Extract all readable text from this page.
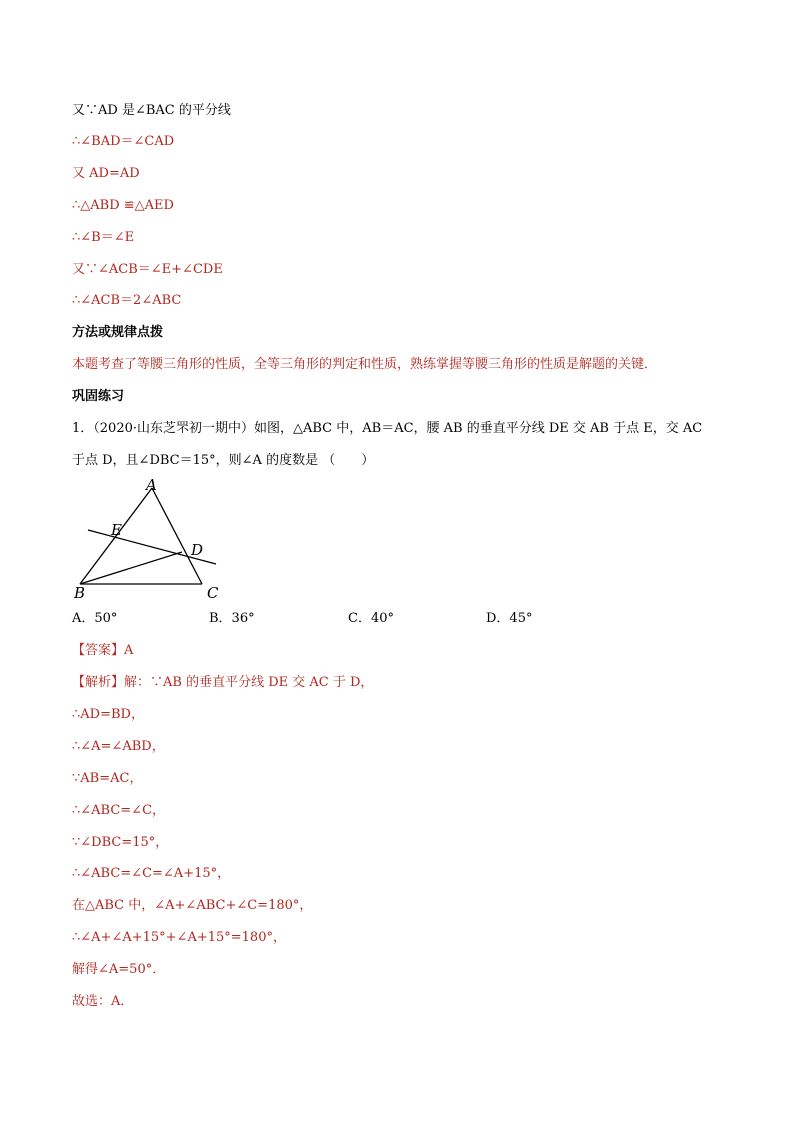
又∵AD 是∠BAC 的平分线
∴∠BAD＝∠CAD
又 AD=AD
∴△ABD ≌△AED
∴∠B＝∠E
又∵∠ACB＝∠E+∠CDE
∴∠ACB＝2∠ABC
方法或规律点拨
本题考查了等腰三角形的性质，全等三角形的判定和性质，熟练掌握等腰三角形的性质是解题的关键．
巩固练习
1．（2020·山东芝罘初一期中）如图，△ABC 中，AB＝AC，腰 AB 的垂直平分线 DE 交 AB 于点 E，交 AC
于点 D，且∠DBC＝15°，则∠A 的度数是 （　　）
A
B	C
D
E
A．50°	B．36°	C．40°	D．45°
【答案】A
【解析】解：∵AB 的垂直平分线 DE 交 AC 于 D，
∴AD=BD，
∴∠A=∠ABD，
∵AB=AC，
∴∠ABC=∠C，
∵∠DBC=15°，
∴∠ABC=∠C=∠A+15°，
在△ABC 中，∠A+∠ABC+∠C=180°，
∴∠A+∠A+15°+∠A+15°=180°，
解得∠A=50°．
故选：A．
